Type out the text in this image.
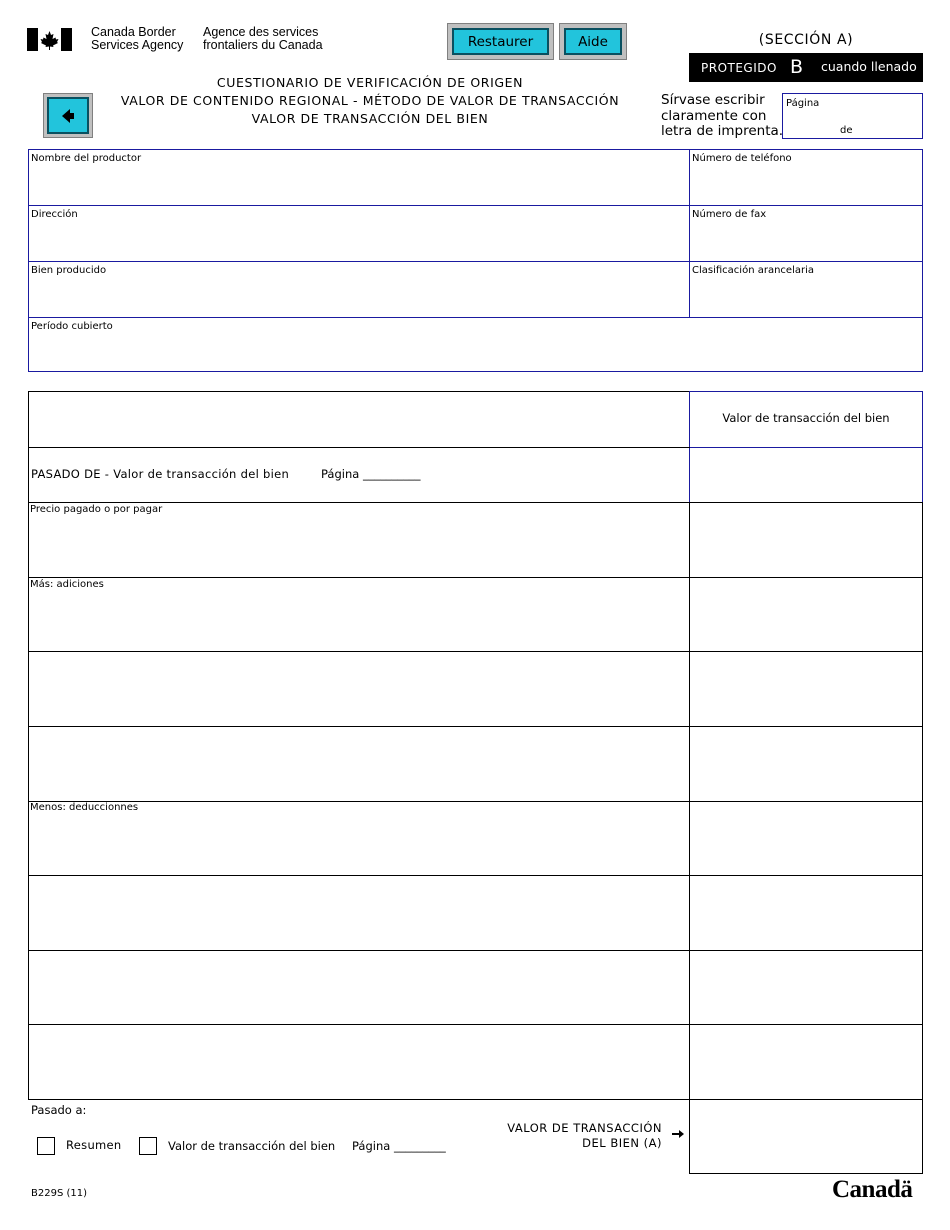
Canada Border
Services Agency
Agence des services
frontaliers du Canada	Restaurer	Aide	(SECCIÓN A)
PROTEGIDO B cuando llenado
CUESTIONARIO DE VERIFICACIÓN DE ORIGEN
VALOR DE CONTENIDO REGIONAL - MÉTODO DE VALOR DE TRANSACCIÓN
VALOR DE TRANSACCIÓN DEL BIEN
Sírvase escribir
claramente con
letra de imprenta.
Página
de
Nombre del productor	Número de teléfono
Dirección	Número de fax
Bien producido	Clasificación arancelaria
Período cubierto
Valor de transacción del bien
PASADO DE - Valor de transacción del bien	Página __________
Precio pagado o por pagar
Más: adiciones
Menos: deduccionnes
Pasado a:
Resumen	Valor de transacción del bien Página _________
VALOR DE TRANSACCIÓN
DEL BIEN (A)
B229S (11)	Canadä
